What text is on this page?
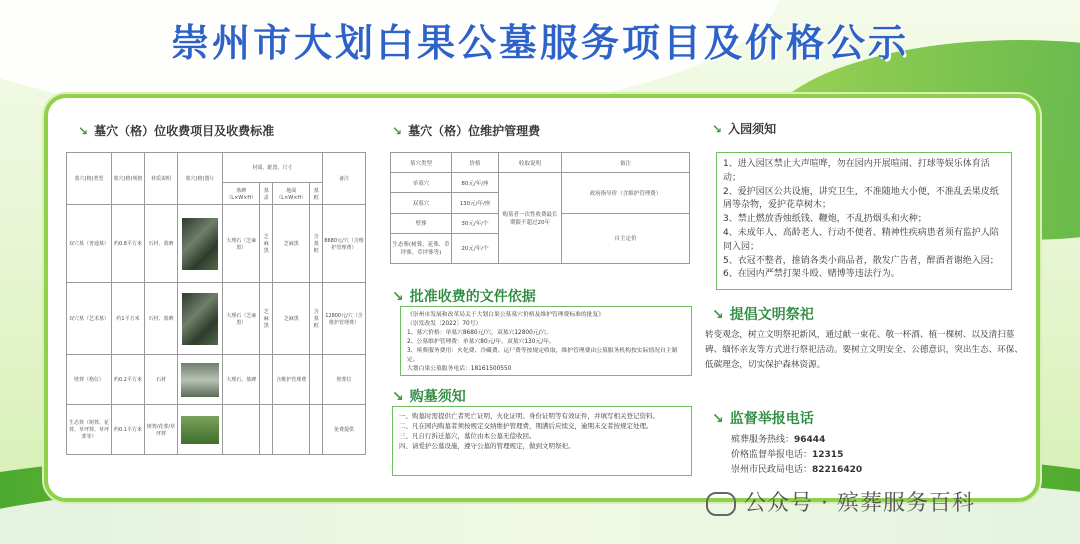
崇州市大划白果公墓服务项目及价格公示
↘ 墓穴（格）位收费项目及收费标准
墓穴(格)类型	墓穴(格)规格	材质说明	墓穴(格)图片	材质、配置、尺寸				备注
				墓碑（L×W×H）	墓盖	地面（L×W×H）	墓框	
双穴墓（普通墓）	约0.8平方米	石材、墓碑		大理石（芝麻黑）	芝麻黑	芝麻黑	含墓框	8680元/穴（含维护管理费）
双穴墓（艺术墓）	约1平方米	石材、墓碑		大理石（芝麻黑）	芝麻黑	芝麻黑	含墓框	12800元/穴（含维护管理费）
壁葬（格位）	约0.2平方米	石材		大理石、墓碑		含维护管理费		壁葬位
生态葬（树葬、花葬、草坪葬、草坪葬等）	约0.1平方米	树葬/花葬/草坪葬						免费提供
↘ 墓穴（格）位维护管理费
墓穴类型	价格	收取说明	备注
单墓穴	80元/年/座	购墓者一次性收费最长期限不超过20年	政府指导价（含维护管理费）
双墓穴	130元/年/座		
壁葬	30元/年/个		自主定价
生态葬(树葬、花葬、草坪葬、草坪葬等)	20元/年/个		
↘ 批准收费的文件依据

《崇州市发展和改革局关于大划白果公墓墓穴价格及维护管理费标准的批复》

（崇发改发〔2022〕70号）

1、墓穴价格：单墓穴8680元/穴，双墓穴12800元/穴。

2、公墓维护管理费：单墓穴80元/年，双墓穴130元/年。

3、殡葬服务费用：火化费、冷藏费、运尸费等按规定收取，维护管理费由公墓服务机构按实际情况自主制定。

大划白果公墓服务电话：18161500550

↘ 购墓须知

一、购墓时需提供亡者死亡证明、火化证明、身份证明等有效证件，并填写相关登记资料。

二、凡在园内购墓者须按规定交纳维护管理费，期满后应续交，逾期未交者按规定处理。

三、凡自行拆迁墓穴，墓位由本公墓无偿收回。

四、请爱护公墓设施，遵守公墓的管理规定，做到文明祭祀。

↘ 入园须知

1、进入园区禁止大声喧哗，勿在园内开展喧闹、打球等娱乐体育活动；

2、爱护园区公共设施，讲究卫生，不准随地大小便，不准乱丢果皮纸屑等杂物，爱护花草树木；

3、禁止燃放香烛纸钱、鞭炮，不乱扔烟头和火种；

4、未成年人、高龄老人、行动不便者、精神性疾病患者须有监护人陪同入园；

5、衣冠不整者，推销各类小商品者，散发广告者，醉酒者谢绝入园；

6、在园内严禁打架斗殴、赌博等违法行为。

↘ 提倡文明祭祀
转变观念，树立文明祭祀新风，通过献一束花、敬一杯酒、植一棵树、以及清扫墓碑、缅怀亲友等方式进行祭祀活动。要树立文明安全、公德意识，突出生态、环保、低碳理念，切实保护森林资源。
↘ 监督举报电话
殡葬服务热线：96444
价格监督举报电话：12315
崇州市民政局电话：82216420
公众号 · 殡葬服务百科
